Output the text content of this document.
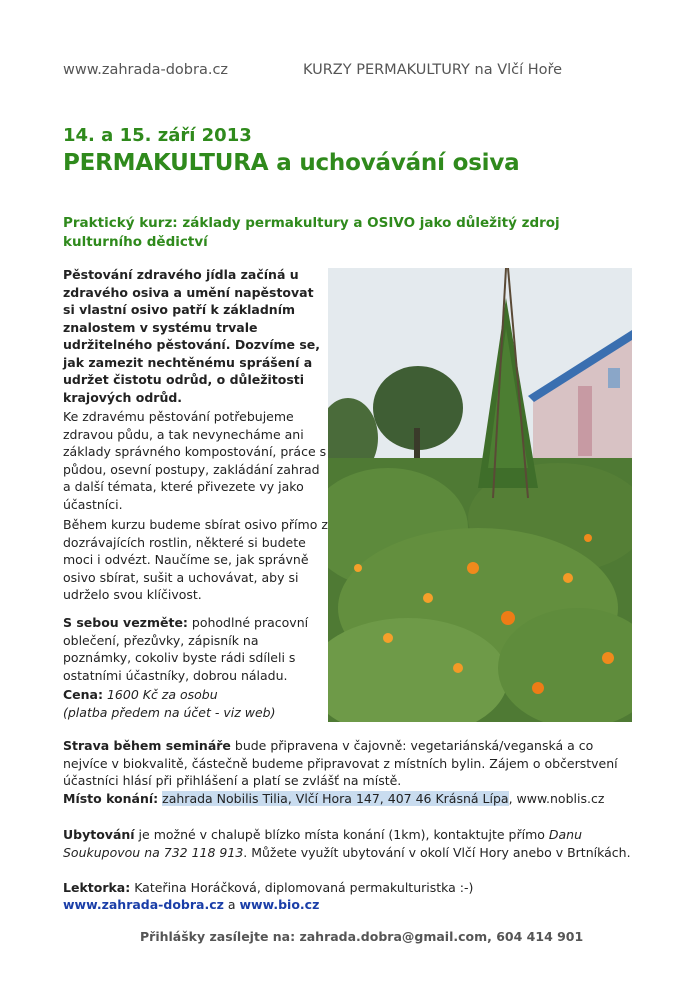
www.zahrada-dobra.cz	KURZY PERMAKULTURY na Vlčí Hoře
14. a 15. září 2013
PERMAKULTURA a uchovávání osiva
Praktický kurz: základy permakultury a OSIVO jako důležitý zdroj kulturního dědictví
Pěstování zdravého jídla začíná u zdravého osiva a umění napěstovat si vlastní osivo patří k základním znalostem v systému trvale udržitelného pěstování. Dozvíme se, jak zamezit nechtěnému sprášení a udržet čistotu odrůd, o důležitosti krajových odrůd.
Ke zdravému pěstování potřebujeme zdravou půdu, a tak nevynecháme ani základy správného kompostování, práce s půdou, osevní postupy, zakládání zahrad a další témata, které přivezete vy jako účastníci.
Během kurzu budeme sbírat osivo přímo z dozrávajících rostlin, některé si budete moci i odvézt. Naučíme se, jak správně osivo sbírat, sušit a uchovávat, aby si udrželo svou klíčivost.
S sebou vezměte: pohodlné pracovní oblečení, přezůvky, zápisník na poznámky, cokoliv byste rádi sdíleli s ostatními účastníky, dobrou náladu.
Cena: 1600 Kč za osobu
(platba předem na účet - viz web)
Strava během semináře bude připravena v čajovně: vegetariánská/veganská a co nejvíce v biokvalitě, částečně budeme připravovat z místních bylin. Zájem o občerstvení účastníci hlásí při přihlášení a platí se zvlášť na místě.
Místo konání: zahrada Nobilis Tilia, Vlčí Hora 147, 407 46 Krásná Lípa, www.noblis.cz
Ubytování je možné v chalupě blízko místa konání (1km), kontaktujte přímo Danu Soukupovou na 732 118 913. Můžete využít ubytování v okolí Vlčí Hory anebo v Brtníkách.
Lektorka: Kateřina Horáčková, diplomovaná permakulturistka :-)
www.zahrada-dobra.cz a www.bio.cz
Přihlášky zasílejte na: zahrada.dobra@gmail.com, 604 414 901
